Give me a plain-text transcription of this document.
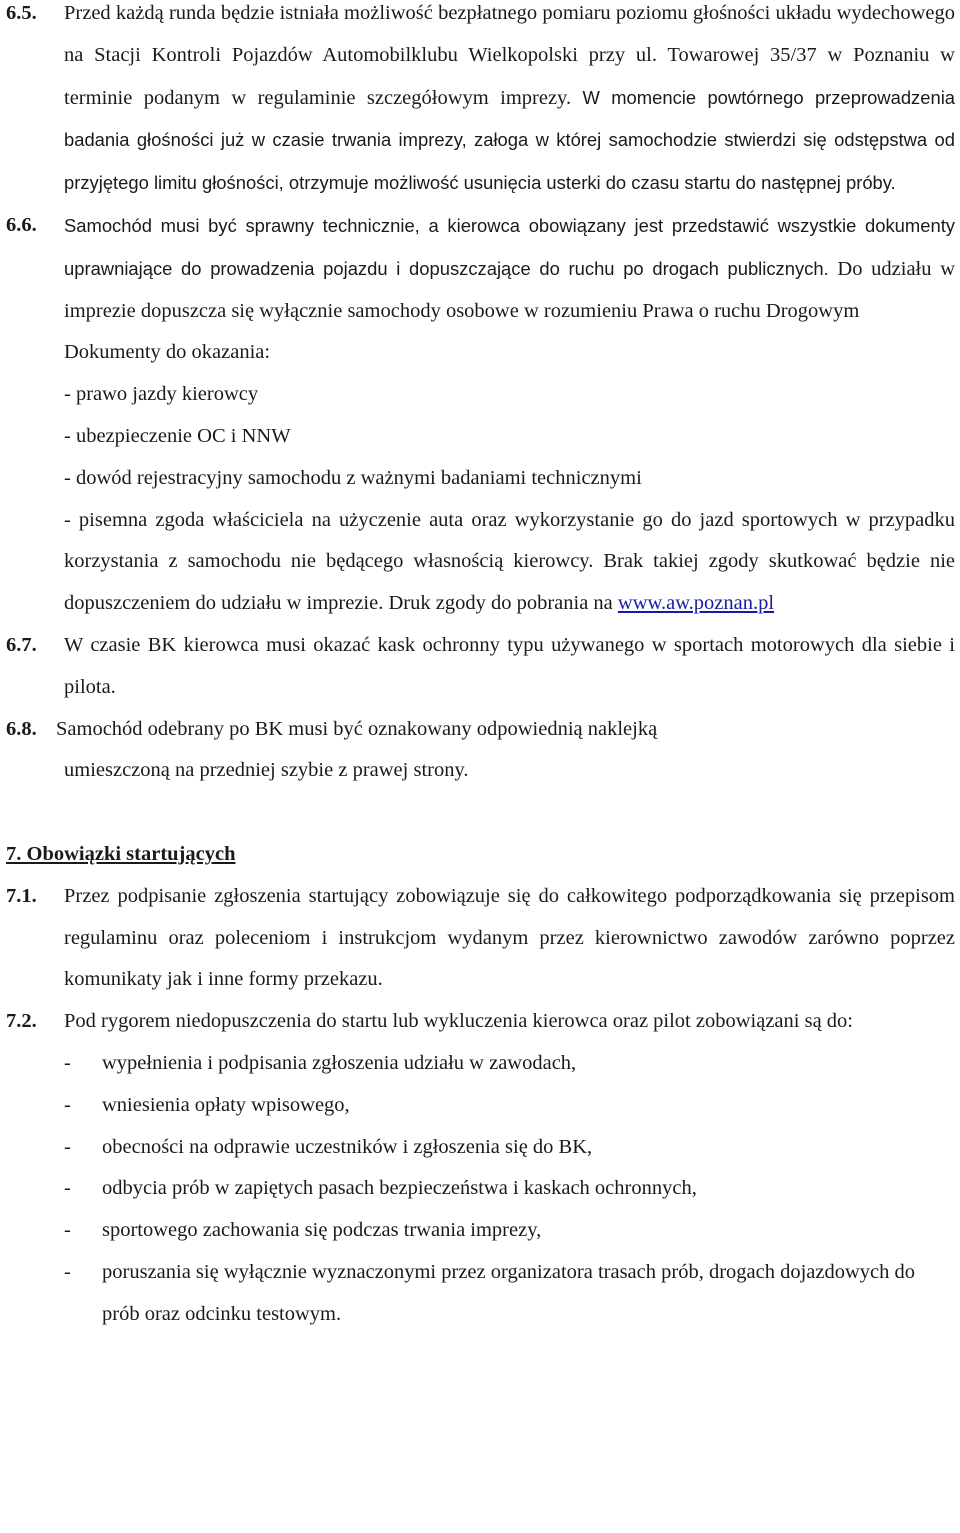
6.5. Przed każdą runda będzie istniała możliwość bezpłatnego pomiaru poziomu głośności układu wydechowego na Stacji Kontroli Pojazdów Automobilklubu Wielkopolski przy ul. Towarowej 35/37 w Poznaniu w terminie podanym w regulaminie szczegółowym imprezy. W momencie powtórnego przeprowadzenia badania głośności już w czasie trwania imprezy, załoga w której samochodzie stwierdzi się odstępstwa od przyjętego limitu głośności, otrzymuje możliwość usunięcia usterki do czasu startu do następnej próby.
6.6. Samochód musi być sprawny technicznie, a kierowca obowiązany jest przedstawić wszystkie dokumenty uprawniające do prowadzenia pojazdu i dopuszczające do ruchu po drogach publicznych. Do udziału w imprezie dopuszcza się wyłącznie samochody osobowe w rozumieniu Prawa o ruchu Drogowym

Dokumenty do okazania:

- prawo jazdy kierowcy

- ubezpieczenie OC i NNW

- dowód rejestracyjny samochodu z ważnymi badaniami technicznymi

- pisemna zgoda właściciela na użyczenie auta oraz wykorzystanie go do jazd sportowych w przypadku korzystania z samochodu nie będącego własnością kierowcy. Brak takiej zgody skutkować będzie nie dopuszczeniem do udziału w imprezie. Druk zgody do pobrania na www.aw.poznan.pl

6.7. W czasie BK kierowca musi okazać kask ochronny typu używanego w sportach motorowych dla siebie i pilota.
6.8. Samochód odebrany po BK musi być oznakowany odpowiednią naklejką
umieszczoną na przedniej szybie z prawej strony.

7. Obowiązki startujących

7.1. Przez podpisanie zgłoszenia startujący zobowiązuje się do całkowitego podporządkowania się przepisom regulaminu oraz poleceniom i instrukcjom wydanym przez kierownictwo zawodów zarówno poprzez komunikaty jak i inne formy przekazu.
7.2. Pod rygorem niedopuszczenia do startu lub wykluczenia kierowca oraz pilot zobowiązani są do:
- wypełnienia i podpisania zgłoszenia udziału w zawodach,
- wniesienia opłaty wpisowego,
- obecności na odprawie uczestników i zgłoszenia się do BK,
- odbycia prób w zapiętych pasach bezpieczeństwa i kaskach ochronnych,
- sportowego zachowania się podczas trwania imprezy,
- poruszania się wyłącznie wyznaczonymi przez organizatora trasach prób, drogach dojazdowych do prób oraz odcinku testowym.
